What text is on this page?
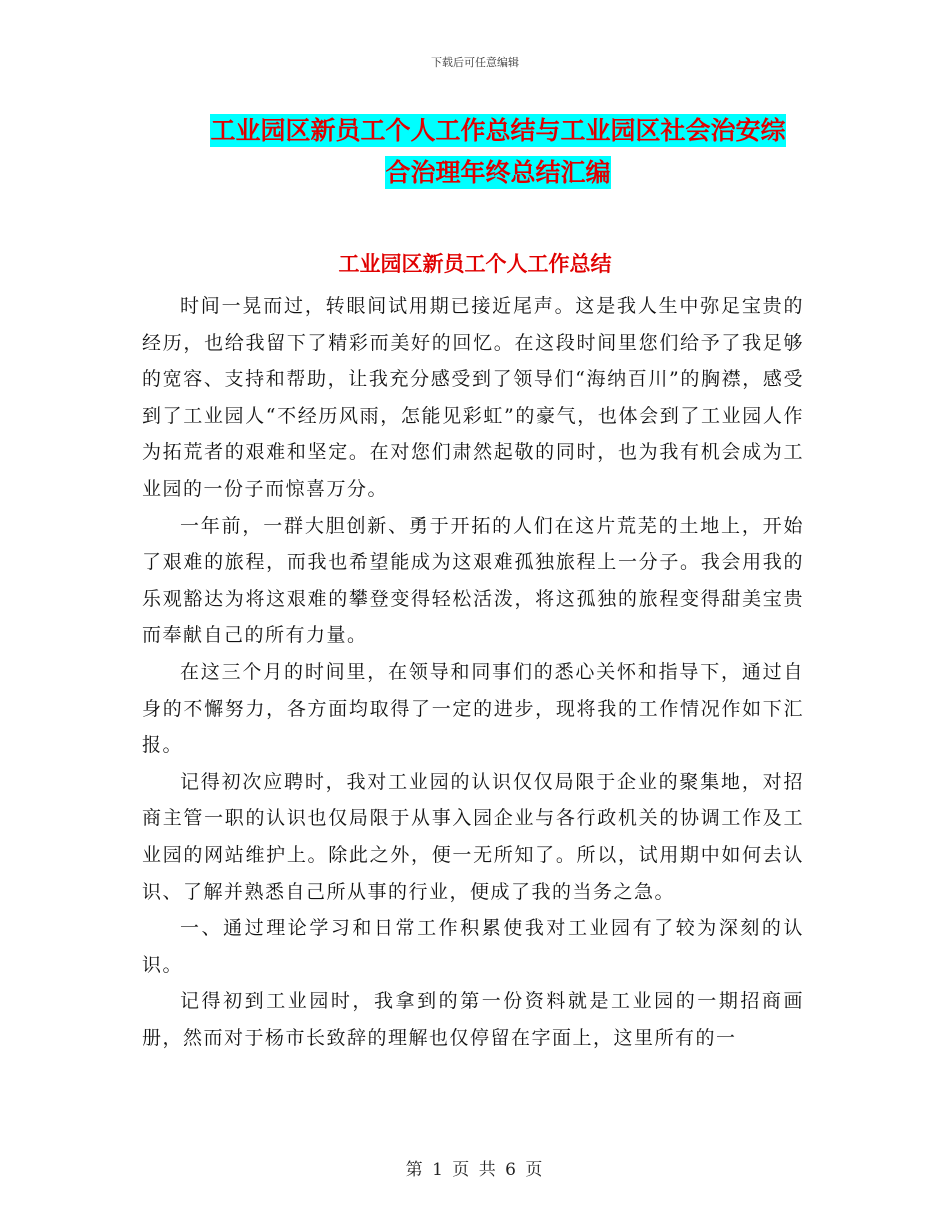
下载后可任意编辑
工业园区新员工个人工作总结与工业园区社会治安综
合治理年终总结汇编
工业园区新员工个人工作总结

时间一晃而过，转眼间试用期已接近尾声。这是我人生中弥足宝贵的经历，也给我留下了精彩而美好的回忆。在这段时间里您们给予了我足够的宽容、支持和帮助，让我充分感受到了领导们“海纳百川”的胸襟，感受到了工业园人“不经历风雨，怎能见彩虹”的豪气，也体会到了工业园人作为拓荒者的艰难和坚定。在对您们肃然起敬的同时，也为我有机会成为工业园的一份子而惊喜万分。

一年前，一群大胆创新、勇于开拓的人们在这片荒芜的土地上，开始了艰难的旅程，而我也希望能成为这艰难孤独旅程上一分子。我会用我的乐观豁达为将这艰难的攀登变得轻松活泼，将这孤独的旅程变得甜美宝贵而奉献自己的所有力量。

在这三个月的时间里，在领导和同事们的悉心关怀和指导下，通过自身的不懈努力，各方面均取得了一定的进步，现将我的工作情况作如下汇报。

记得初次应聘时，我对工业园的认识仅仅局限于企业的聚集地，对招商主管一职的认识也仅局限于从事入园企业与各行政机关的协调工作及工业园的网站维护上。除此之外，便一无所知了。所以，试用期中如何去认识、了解并熟悉自己所从事的行业，便成了我的当务之急。

一、通过理论学习和日常工作积累使我对工业园有了较为深刻的认识。

记得初到工业园时，我拿到的第一份资料就是工业园的一期招商画册，然而对于杨市长致辞的理解也仅停留在字面上，这里所有的一

第 1 页 共 6 页
